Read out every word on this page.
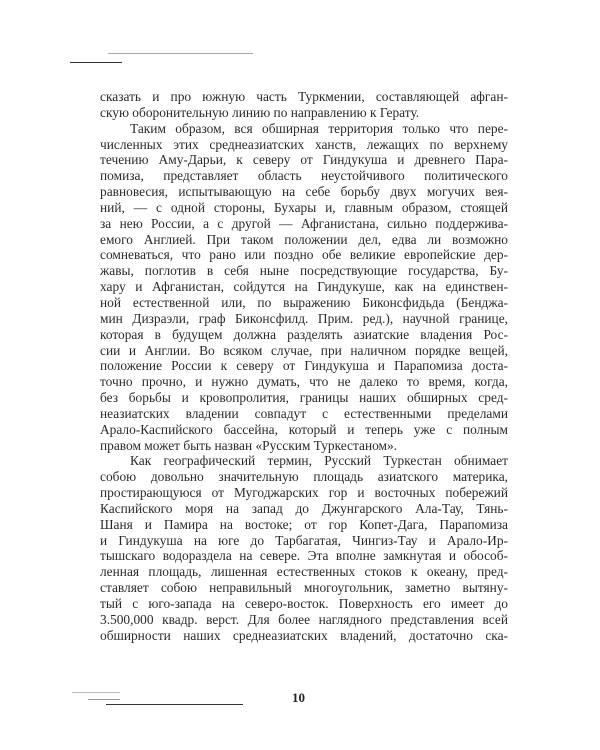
сказать и про южную часть Туркмении, составляющей афган-
скую оборонительную линию по направлению к Герату.
Таким образом, вся обширная территория только что пере-
численных этих среднеазиатских ханств, лежащих по верхнему
течению Аму-Дарьи, к северу от Гиндукуша и древнего Пара-
помиза, представляет область неустойчивого политического
равновесия, испытывающую на себе борьбу двух могучих вея-
ний, — с одной стороны, Бухары и, главным образом, стоящей
за нею России, а с другой — Афганистана, сильно поддержива-
емого Англией. При таком положении дел, едва ли возможно
сомневаться, что рано или поздно обе великие европейские дер-
жавы, поглотив в себя ныне посредствующие государства, Бу-
хару и Афганистан, сойдутся на Гиндукуше, как на единствен-
ной естественной или, по выражению Биконсфидьда (Бенджа-
мин Дизраэли, граф Биконсфилд. Прим. ред.), научной границе,
которая в будущем должна разделять азиатские владения Рос-
сии и Англии. Во всяком случае, при наличном порядке вещей,
положение России к северу от Гиндукуша и Парапомиза доста-
точно прочно, и нужно думать, что не далеко то время, когда,
без борьбы и кровопролития, границы наших обширных сред-
неазиатских владении совпадут с естественными пределами
Арало-Каспийского бассейна, который и теперь уже с полным
правом может быть назван «Русским Туркестаном».
Как географический термин, Русский Туркестан обнимает
собою довольно значительную площадь азиатского материка,
простирающуюся от Мугоджарских гор и восточных побережий
Каспийского моря на запад до Джунгарского Ала-Тау, Тянь-
Шаня и Памира на востоке; от гор Копет-Дага, Парапомиза
и Гиндукуша на юге до Тарбагатая, Чингиз-Тау и Арало-Ир-
тышскаго водораздела на севере. Эта вполне замкнутая и обособ-
ленная площадь, лишенная естественных стоков к океану, пред-
ставляет собою неправильный многоугольник, заметно вытяну-
тый с юго-запада на северо-восток. Поверхность его имеет до
3.500,000 квадр. верст. Для более наглядного представления всей
обширности наших среднеазиатских владений, достаточно ска-
10
